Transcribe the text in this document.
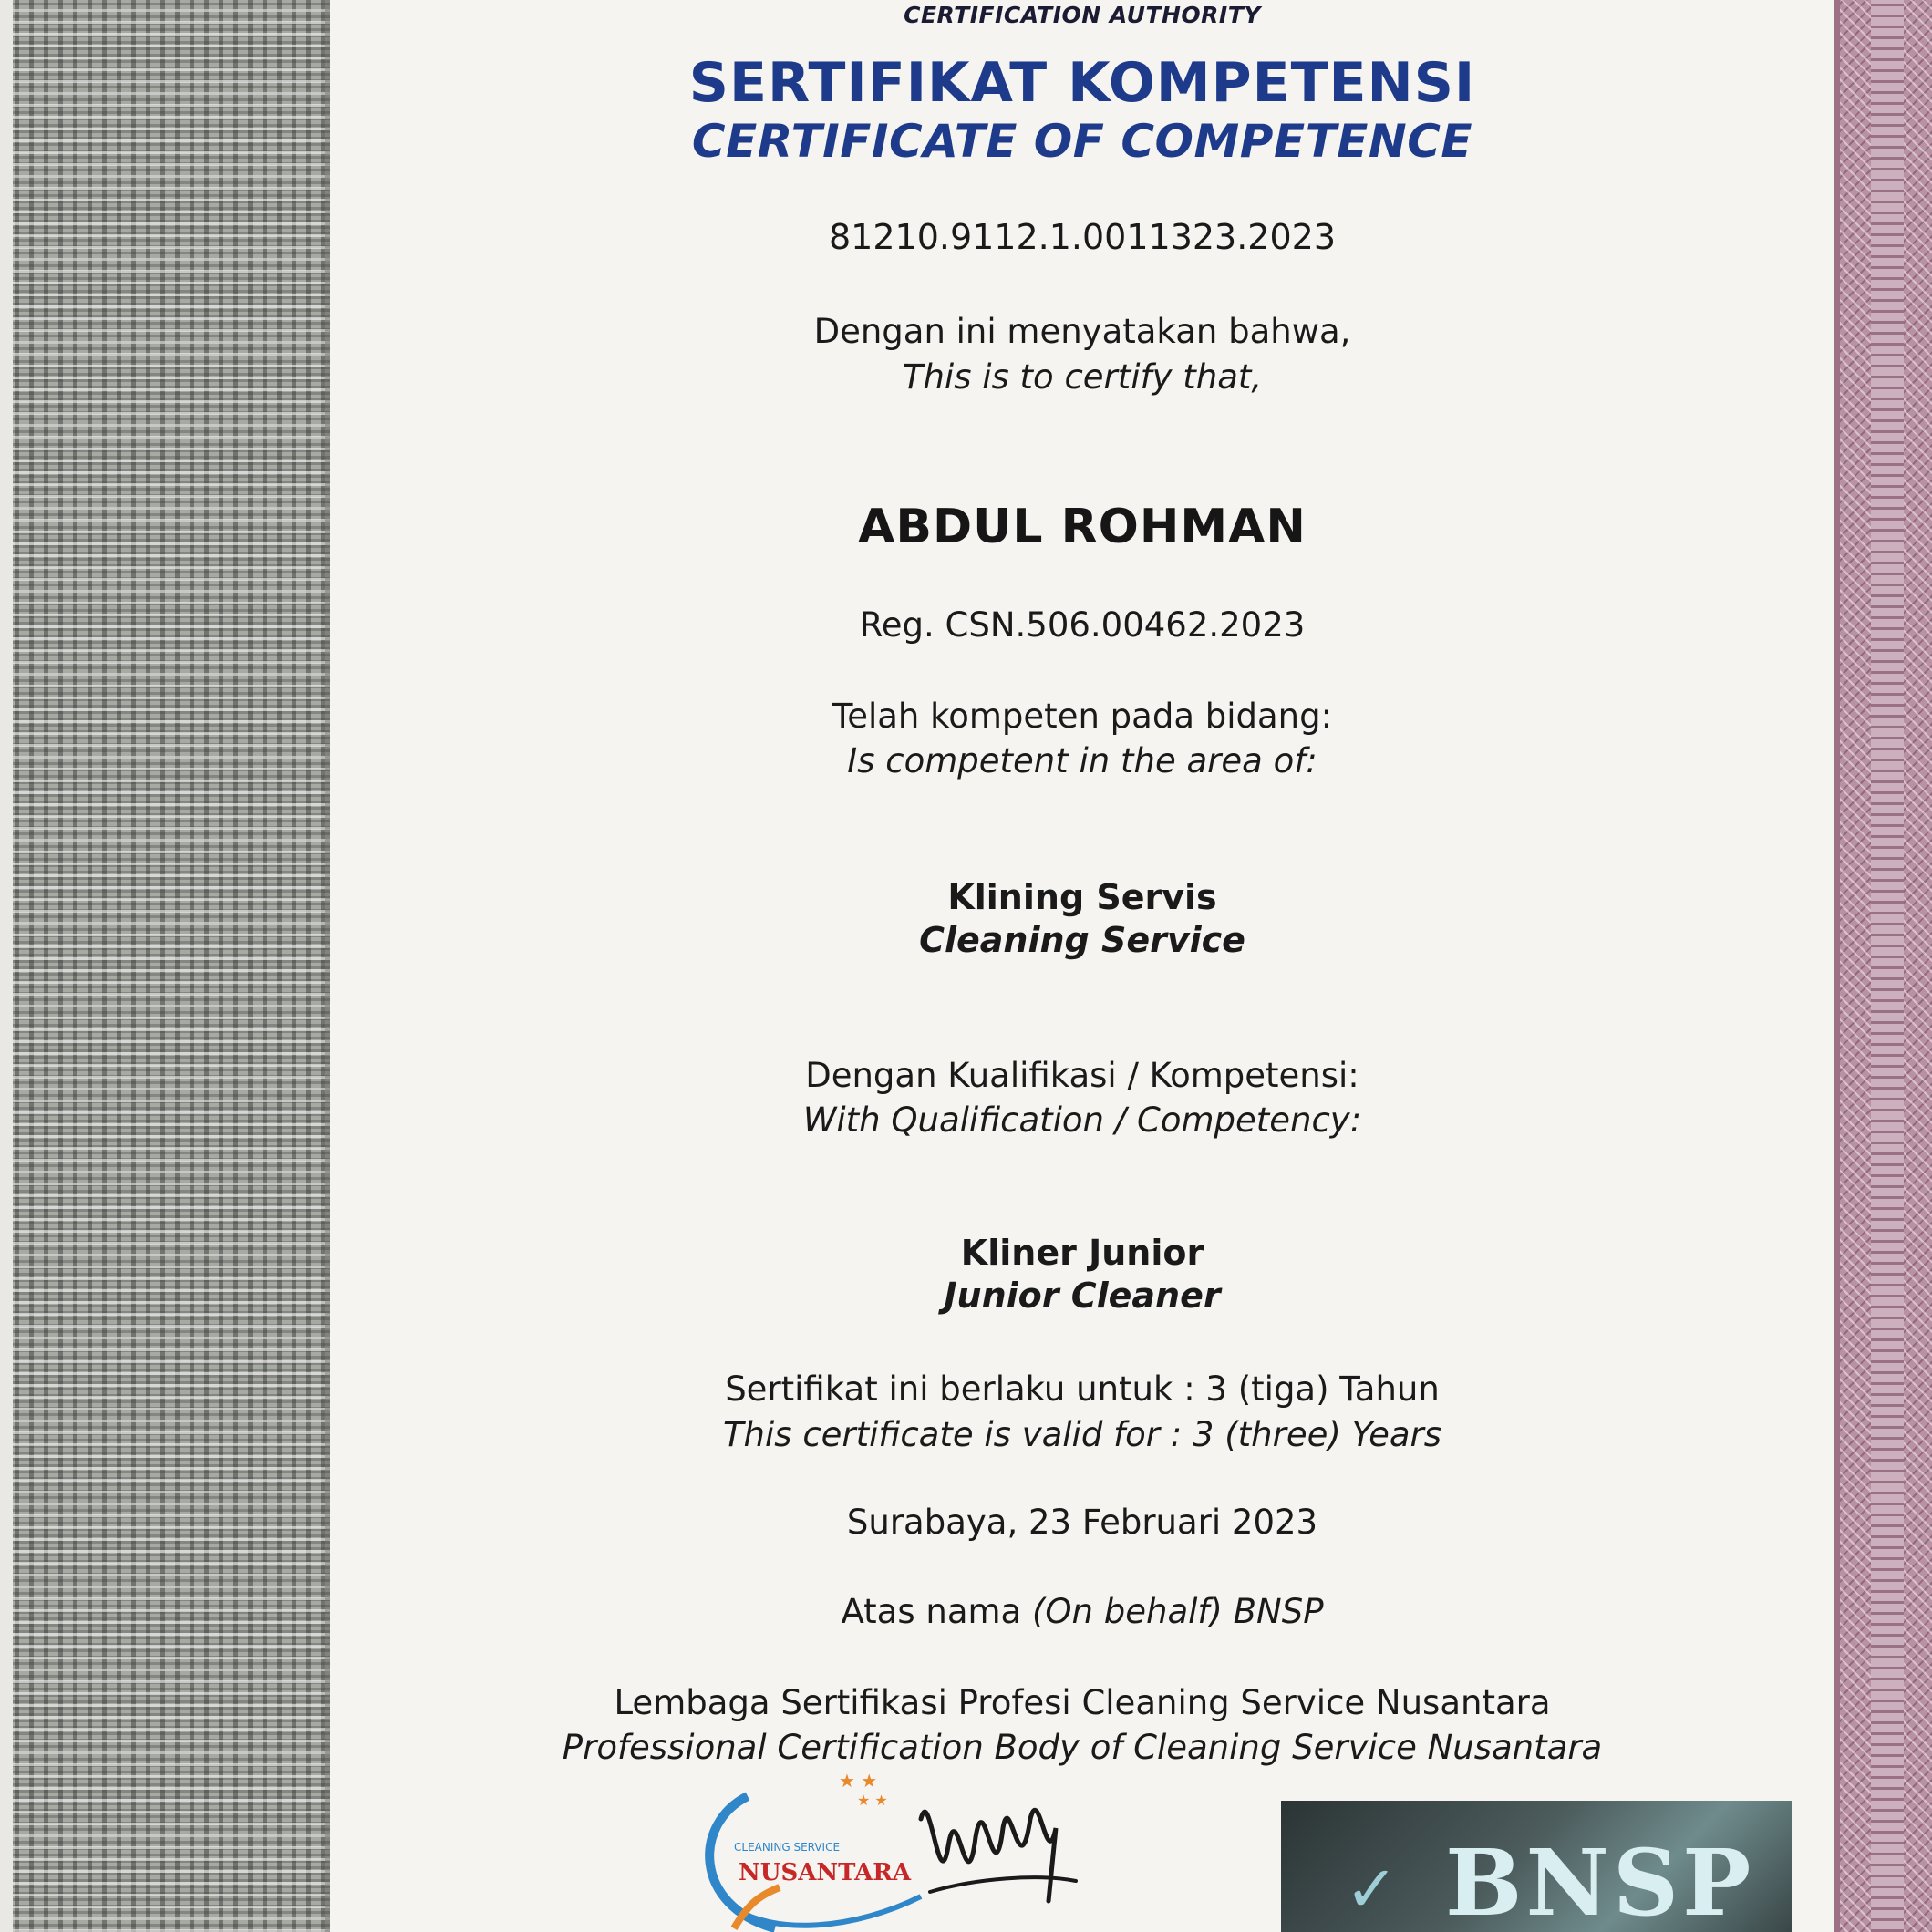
CERTIFICATION AUTHORITY
SERTIFIKAT KOMPETENSI
CERTIFICATE OF COMPETENCE
81210.9112.1.0011323.2023
Dengan ini menyatakan bahwa,
This is to certify that,
ABDUL ROHMAN
Reg. CSN.506.00462.2023
Telah kompeten pada bidang:
Is competent in the area of:
Klining Servis
Cleaning Service
Dengan Kualifikasi / Kompetensi:
With Qualification / Competency:
Kliner Junior
Junior Cleaner
Sertifikat ini berlaku untuk : 3 (tiga) Tahun
This certificate is valid for : 3 (three) Years
Surabaya, 23 Februari 2023
Atas nama (On behalf) BNSP
Lembaga Sertifikasi Profesi Cleaning Service Nusantara
Professional Certification Body of Cleaning Service Nusantara
★ ★
★ ★
CLEANING SERVICE
NUSANTARA	✓ BNSP
